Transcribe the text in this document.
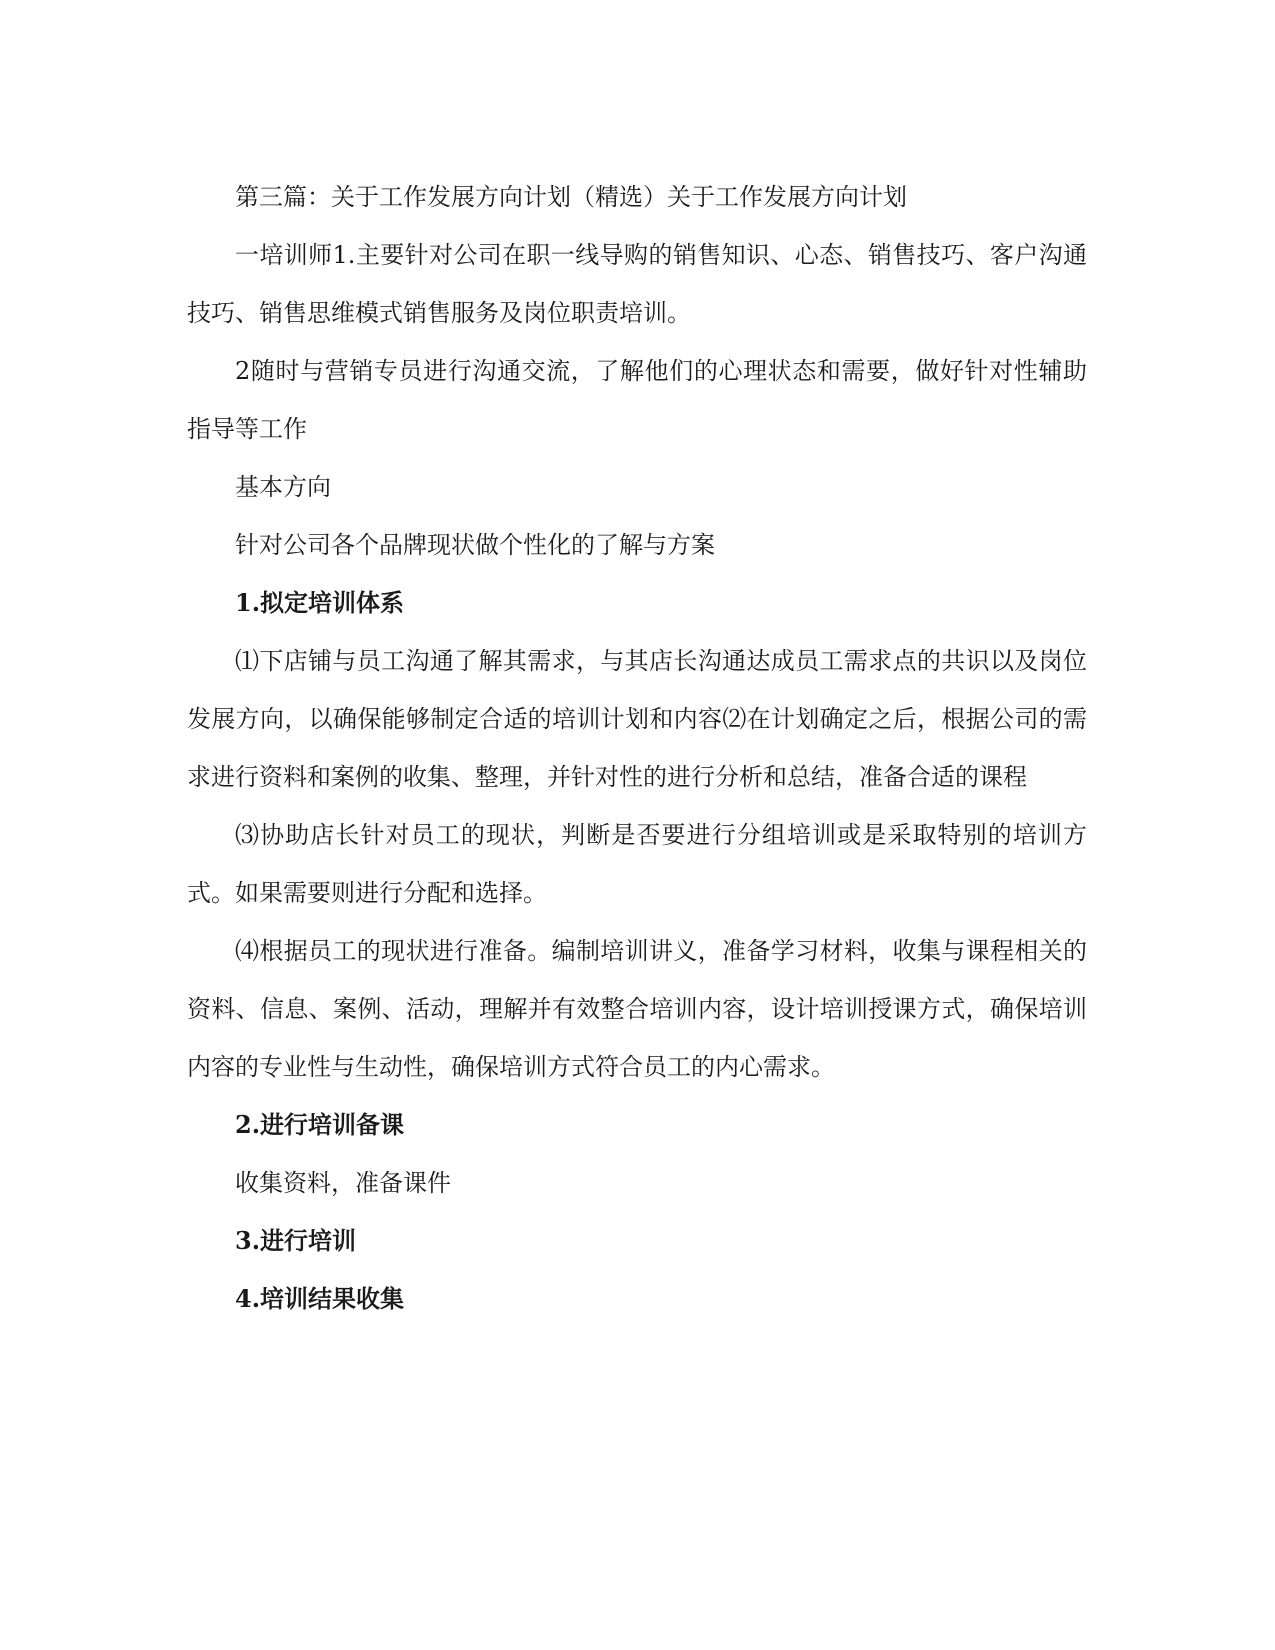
第三篇：关于工作发展方向计划（精选）关于工作发展方向计划

一培训师1.主要针对公司在职一线导购的销售知识、心态、销售技巧、客户沟通技巧、销售思维模式销售服务及岗位职责培训。

2随时与营销专员进行沟通交流，了解他们的心理状态和需要，做好针对性辅助指导等工作

基本方向

针对公司各个品牌现状做个性化的了解与方案

1.拟定培训体系

⑴下店铺与员工沟通了解其需求，与其店长沟通达成员工需求点的共识以及岗位发展方向，以确保能够制定合适的培训计划和内容⑵在计划确定之后，根据公司的需求进行资料和案例的收集、整理，并针对性的进行分析和总结，准备合适的课程

⑶协助店长针对员工的现状，判断是否要进行分组培训或是采取特别的培训方式。如果需要则进行分配和选择。

⑷根据员工的现状进行准备。编制培训讲义，准备学习材料，收集与课程相关的资料、信息、案例、活动，理解并有效整合培训内容，设计培训授课方式，确保培训内容的专业性与生动性，确保培训方式符合员工的内心需求。

2.进行培训备课

收集资料，准备课件

3.进行培训

4.培训结果收集
